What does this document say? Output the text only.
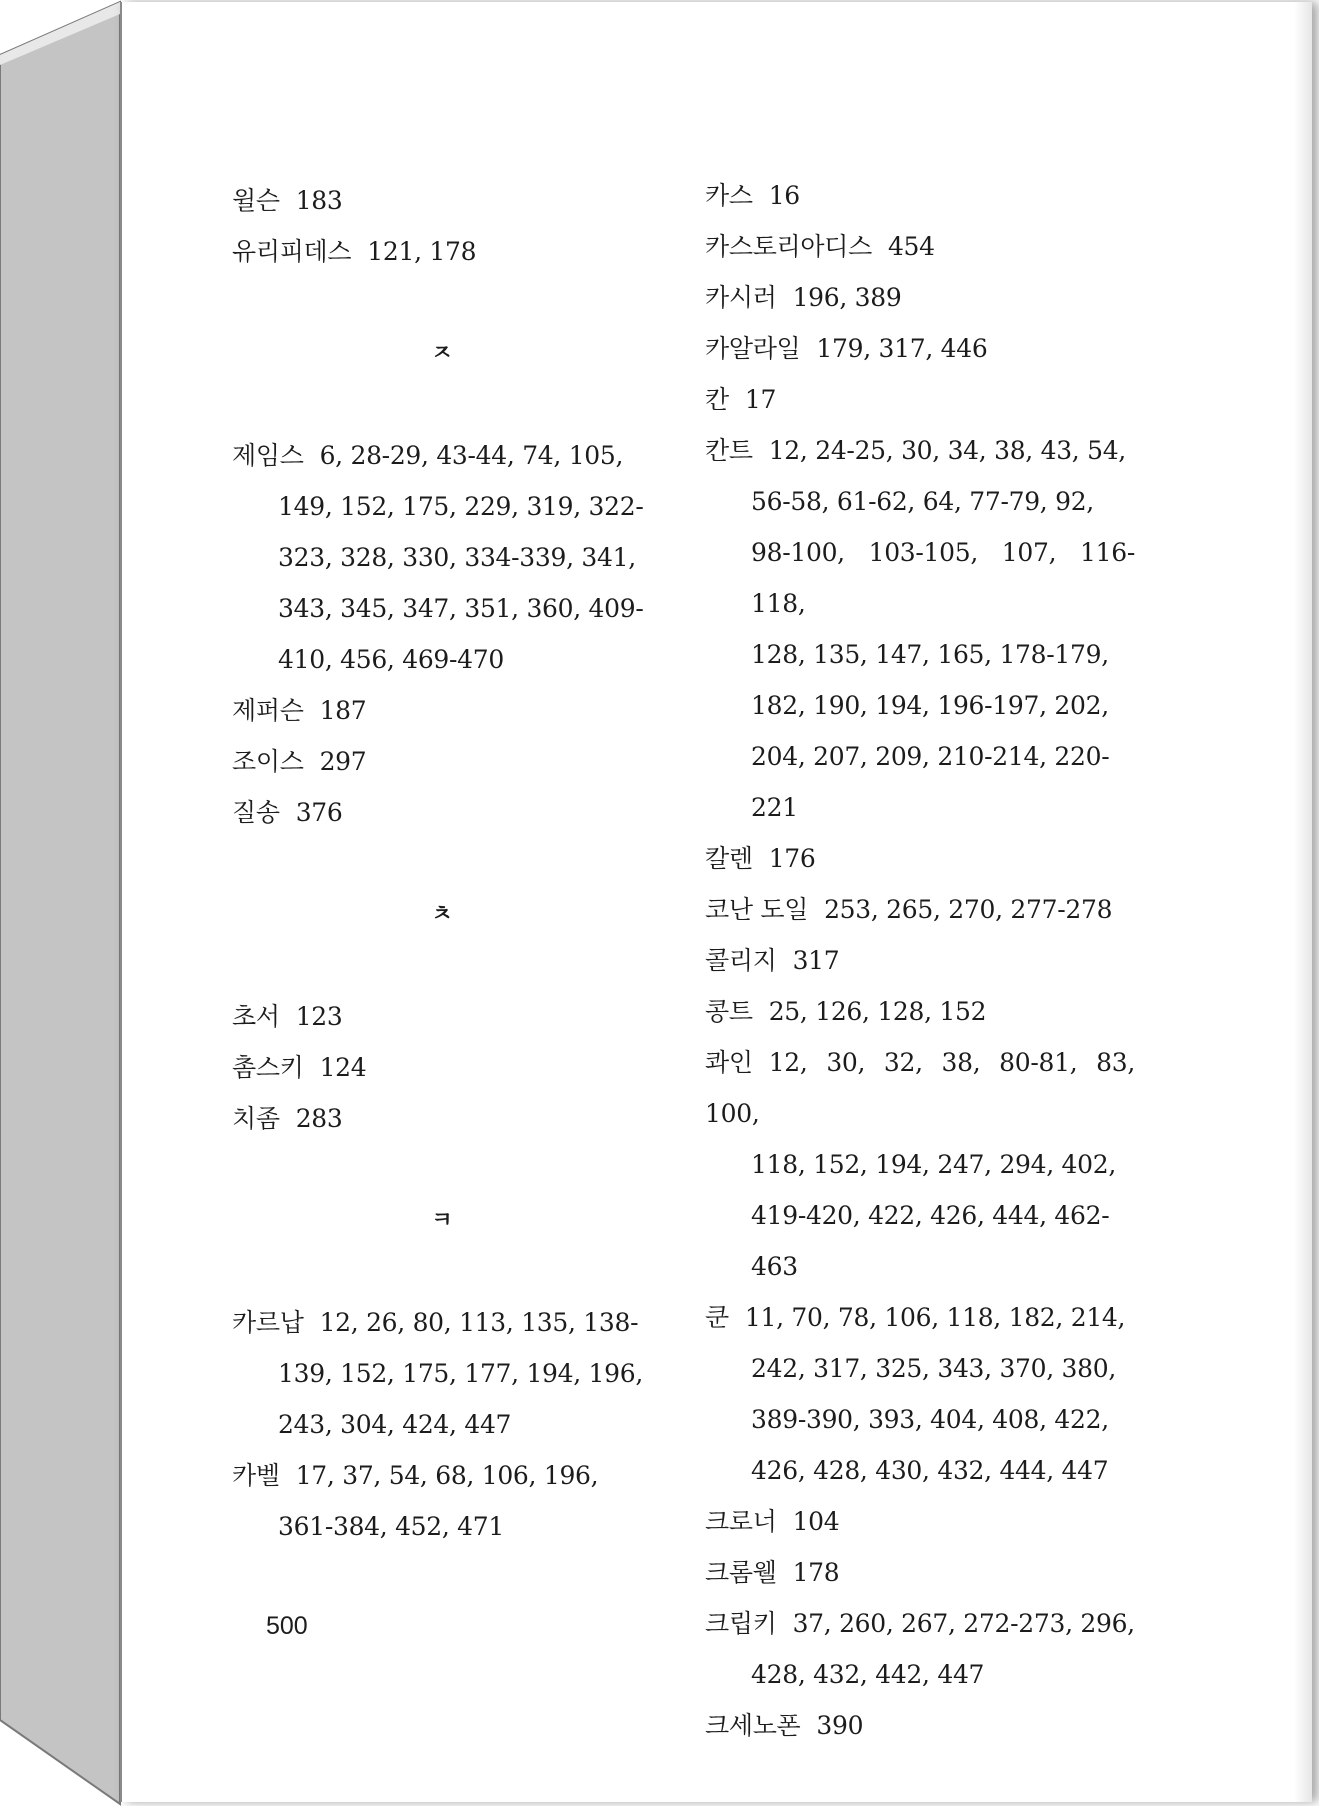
윌슨 183
유리피데스 121, 178
ㅈ
제임스 6, 28-29, 43-44, 74, 105,
149, 152, 175, 229, 319, 322-
323, 328, 330, 334-339, 341,
343, 345, 347, 351, 360, 409-
410, 456, 469-470
제퍼슨 187
조이스 297
질송 376
ㅊ
초서 123
촘스키 124
치좀 283
ㅋ
카르납 12, 26, 80, 113, 135, 138-
139, 152, 175, 177, 194, 196,
243, 304, 424, 447
카벨 17, 37, 54, 68, 106, 196,
361-384, 452, 471
카스 16
카스토리아디스 454
카시러 196, 389
카알라일 179, 317, 446
칸 17
칸트 12, 24-25, 30, 34, 38, 43, 54,
56-58, 61-62, 64, 77-79, 92,
98-100, 103-105, 107, 116-118,
128, 135, 147, 165, 178-179,
182, 190, 194, 196-197, 202,
204, 207, 209, 210-214, 220-221
칼렌 176
코난 도일 253, 265, 270, 277-278
콜리지 317
콩트 25, 126, 128, 152
콰인 12, 30, 32, 38, 80-81, 83, 100,
118, 152, 194, 247, 294, 402,
419-420, 422, 426, 444, 462-463
쿤 11, 70, 78, 106, 118, 182, 214,
242, 317, 325, 343, 370, 380,
389-390, 393, 404, 408, 422,
426, 428, 430, 432, 444, 447
크로너 104
크롬웰 178
크립키 37, 260, 267, 272-273, 296,
428, 432, 442, 447
크세노폰 390
500
